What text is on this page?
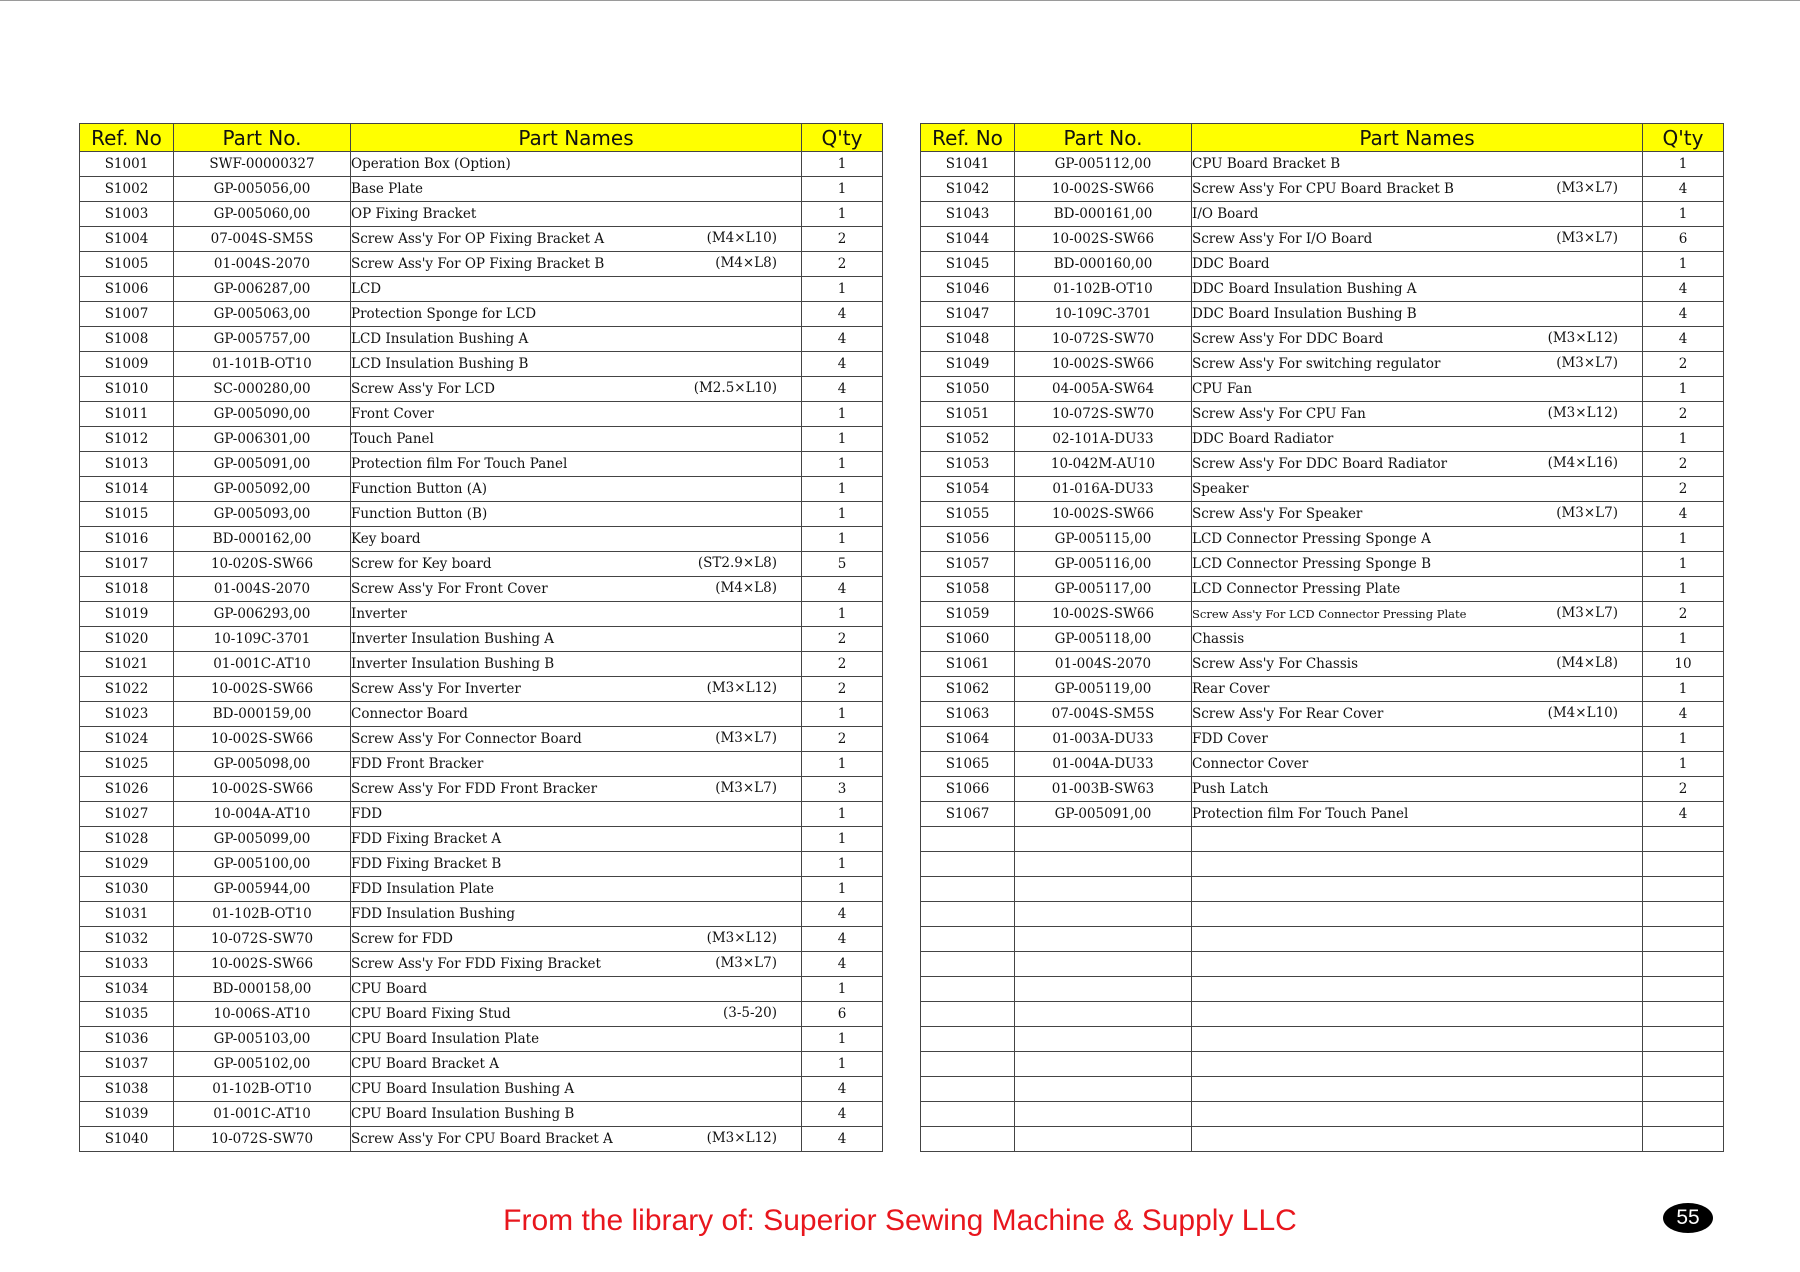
Ref. No	Part No.	Part Names	Q'ty
S1001	SWF-00000327	Operation Box (Option)	1
S1002	GP-005056,00	Base Plate	1
S1003	GP-005060,00	OP Fixing Bracket	1
S1004	07-004S-SM5S	Screw Ass'y For OP Fixing Bracket A (M4×L10)	2
S1005	01-004S-2070	Screw Ass'y For OP Fixing Bracket B (M4×L8)	2
S1006	GP-006287,00	LCD	1
S1007	GP-005063,00	Protection Sponge for LCD	4
S1008	GP-005757,00	LCD Insulation Bushing A	4
S1009	01-101B-OT10	LCD Insulation Bushing B	4
S1010	SC-000280,00	Screw Ass'y For LCD (M2.5×L10)	4
S1011	GP-005090,00	Front Cover	1
S1012	GP-006301,00	Touch Panel	1
S1013	GP-005091,00	Protection film For Touch Panel	1
S1014	GP-005092,00	Function Button (A)	1
S1015	GP-005093,00	Function Button (B)	1
S1016	BD-000162,00	Key board	1
S1017	10-020S-SW66	Screw for Key board (ST2.9×L8)	5
S1018	01-004S-2070	Screw Ass'y For Front Cover (M4×L8)	4
S1019	GP-006293,00	Inverter	1
S1020	10-109C-3701	Inverter Insulation Bushing A	2
S1021	01-001C-AT10	Inverter Insulation Bushing B	2
S1022	10-002S-SW66	Screw Ass'y For Inverter (M3×L12)	2
S1023	BD-000159,00	Connector Board	1
S1024	10-002S-SW66	Screw Ass'y For Connector Board (M3×L7)	2
S1025	GP-005098,00	FDD Front Bracker	1
S1026	10-002S-SW66	Screw Ass'y For FDD Front Bracker (M3×L7)	3
S1027	10-004A-AT10	FDD	1
S1028	GP-005099,00	FDD Fixing Bracket A	1
S1029	GP-005100,00	FDD Fixing Bracket B	1
S1030	GP-005944,00	FDD Insulation Plate	1
S1031	01-102B-OT10	FDD Insulation Bushing	4
S1032	10-072S-SW70	Screw for FDD (M3×L12)	4
S1033	10-002S-SW66	Screw Ass'y For FDD Fixing Bracket (M3×L7)	4
S1034	BD-000158,00	CPU Board	1
S1035	10-006S-AT10	CPU Board Fixing Stud (3-5-20)	6
S1036	GP-005103,00	CPU Board Insulation Plate	1
S1037	GP-005102,00	CPU Board Bracket A	1
S1038	01-102B-OT10	CPU Board Insulation Bushing A	4
S1039	01-001C-AT10	CPU Board Insulation Bushing B	4
S1040	10-072S-SW70	Screw Ass'y For CPU Board Bracket A (M3×L12)	4
Ref. No	Part No.	Part Names	Q'ty
S1041	GP-005112,00	CPU Board Bracket B	1
S1042	10-002S-SW66	Screw Ass'y For CPU Board Bracket B (M3×L7)	4
S1043	BD-000161,00	I/O Board	1
S1044	10-002S-SW66	Screw Ass'y For I/O Board (M3×L7)	6
S1045	BD-000160,00	DDC Board	1
S1046	01-102B-OT10	DDC Board Insulation Bushing A	4
S1047	10-109C-3701	DDC Board Insulation Bushing B	4
S1048	10-072S-SW70	Screw Ass'y For DDC Board (M3×L12)	4
S1049	10-002S-SW66	Screw Ass'y For switching regulator (M3×L7)	2
S1050	04-005A-SW64	CPU Fan	1
S1051	10-072S-SW70	Screw Ass'y For CPU Fan (M3×L12)	2
S1052	02-101A-DU33	DDC Board Radiator	1
S1053	10-042M-AU10	Screw Ass'y For DDC Board Radiator (M4×L16)	2
S1054	01-016A-DU33	Speaker	2
S1055	10-002S-SW66	Screw Ass'y For Speaker (M3×L7)	4
S1056	GP-005115,00	LCD Connector Pressing Sponge A	1
S1057	GP-005116,00	LCD Connector Pressing Sponge B	1
S1058	GP-005117,00	LCD Connector Pressing Plate	1
S1059	10-002S-SW66	Screw Ass'y For LCD Connector Pressing Plate (M3×L7)	2
S1060	GP-005118,00	Chassis	1
S1061	01-004S-2070	Screw Ass'y For Chassis (M4×L8)	10
S1062	GP-005119,00	Rear Cover	1
S1063	07-004S-SM5S	Screw Ass'y For Rear Cover (M4×L10)	4
S1064	01-003A-DU33	FDD Cover	1
S1065	01-004A-DU33	Connector Cover	1
S1066	01-003B-SW63	Push Latch	2
S1067	GP-005091,00	Protection film For Touch Panel	4

From the library of: Superior Sewing Machine & Supply LLC	55
